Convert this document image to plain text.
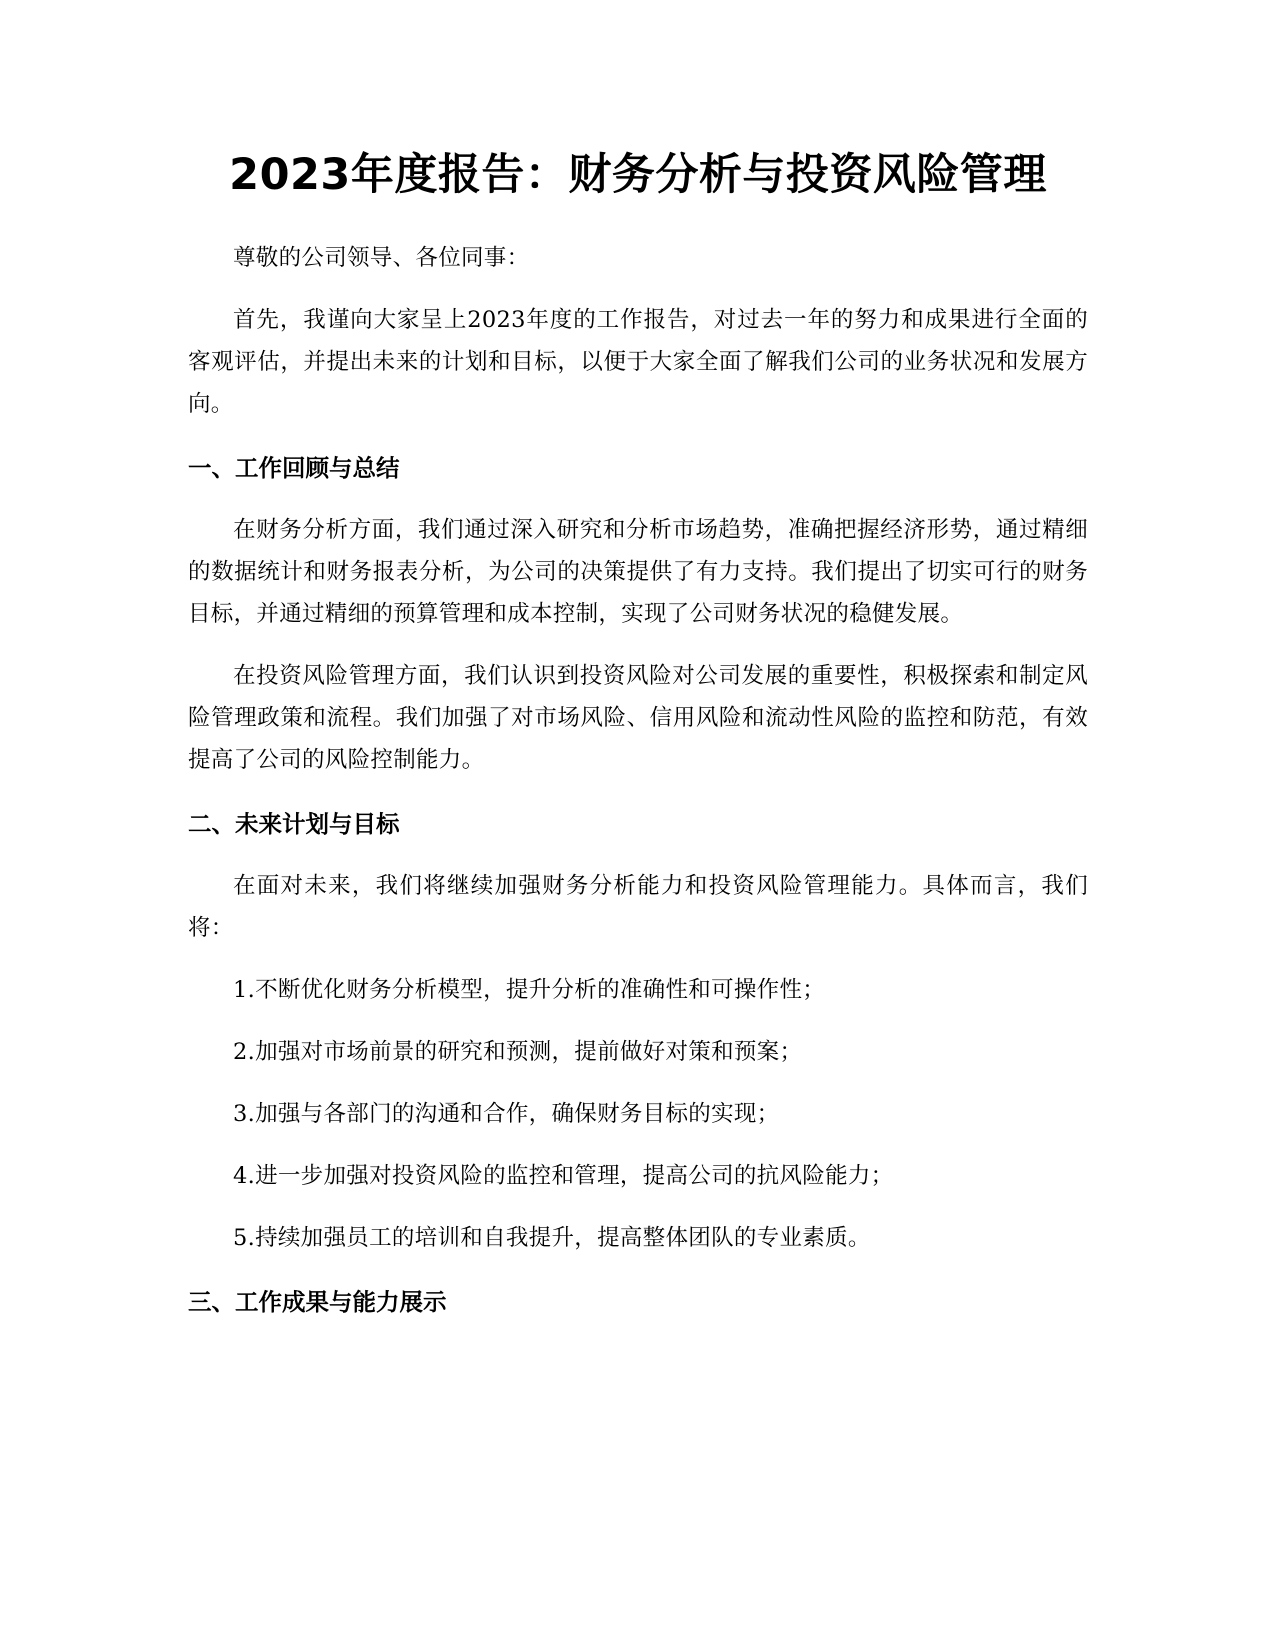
2023年度报告：财务分析与投资风险管理

尊敬的公司领导、各位同事：

首先，我谨向大家呈上2023年度的工作报告，对过去一年的努力和成果进行全面的客观评估，并提出未来的计划和目标，以便于大家全面了解我们公司的业务状况和发展方向。

一、工作回顾与总结

在财务分析方面，我们通过深入研究和分析市场趋势，准确把握经济形势，通过精细的数据统计和财务报表分析，为公司的决策提供了有力支持。我们提出了切实可行的财务目标，并通过精细的预算管理和成本控制，实现了公司财务状况的稳健发展。

在投资风险管理方面，我们认识到投资风险对公司发展的重要性，积极探索和制定风险管理政策和流程。我们加强了对市场风险、信用风险和流动性风险的监控和防范，有效提高了公司的风险控制能力。

二、未来计划与目标

在面对未来，我们将继续加强财务分析能力和投资风险管理能力。具体而言，我们将：

1.不断优化财务分析模型，提升分析的准确性和可操作性；

2.加强对市场前景的研究和预测，提前做好对策和预案；

3.加强与各部门的沟通和合作，确保财务目标的实现；

4.进一步加强对投资风险的监控和管理，提高公司的抗风险能力；

5.持续加强员工的培训和自我提升，提高整体团队的专业素质。

三、工作成果与能力展示
